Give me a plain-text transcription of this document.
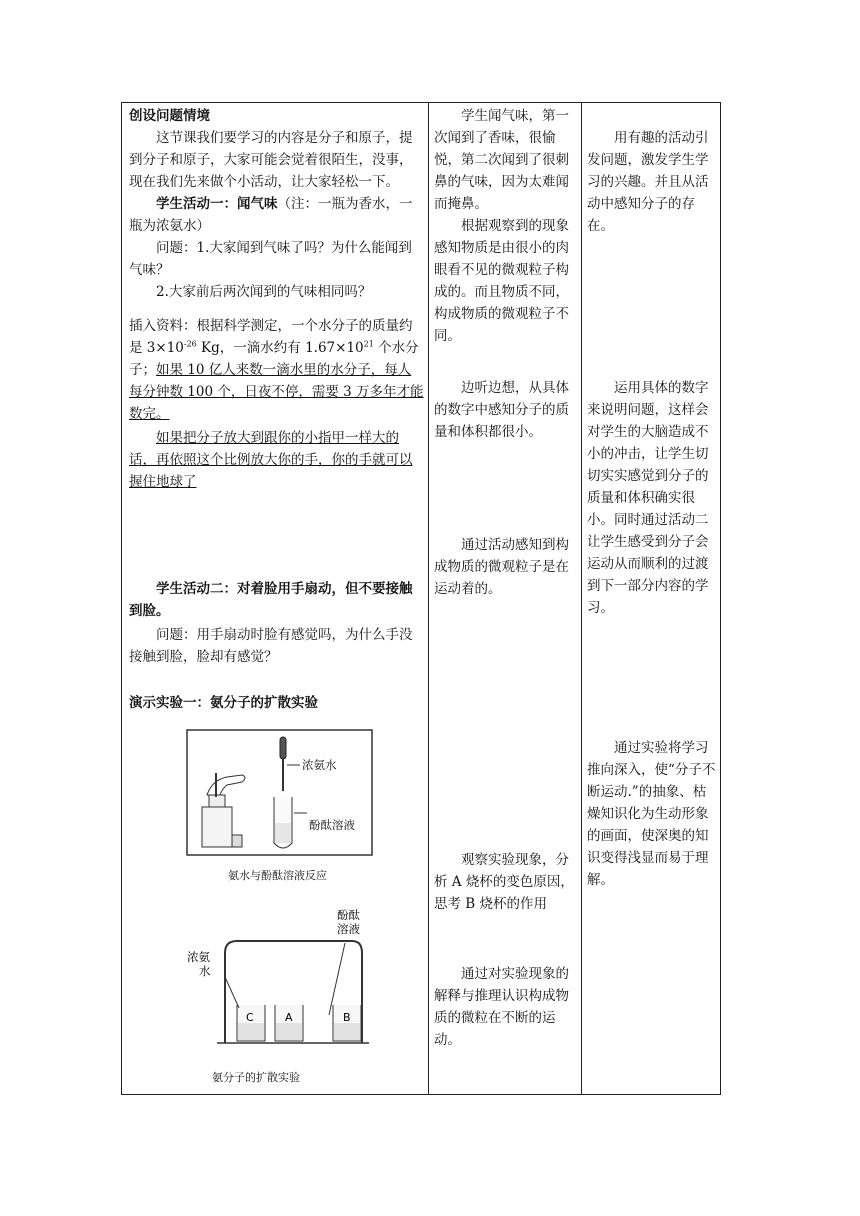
创设问题情境

这节课我们要学习的内容是分子和原子，提到分子和原子，大家可能会觉着很陌生，没事，现在我们先来做个小活动，让大家轻松一下。

学生活动一：闻气味（注：一瓶为香水，一瓶为浓氨水）

问题：1.大家闻到气味了吗？为什么能闻到气味？

2.大家前后两次闻到的气味相同吗？

插入资料：根据科学测定，一个水分子的质量约是 $3\times 10^{-26}$ Kg，一滴水约有 $1.67\times 10^{21}$ 个水分子；如果 10 亿人来数一滴水里的水分子，每人每分钟数 100 个，日夜不停，需要 3 万多年才能数完。

如果把分子放大到跟你的小指甲一样大的话，再依照这个比例放大你的手，你的手就可以握住地球了

学生活动二：对着脸用手扇动，但不要接触到脸。

问题：用手扇动时脸有感觉吗，为什么手没接触到脸，脸却有感觉？

演示实验一：氨分子的扩散实验

浓氨水
酚酞溶液

氨水与酚酞溶液反应

C	A	B
酚酞
溶液
浓氨
水

氨分子的扩散实验

学生闻气味，第一次闻到了香味，很愉悦，第二次闻到了很刺鼻的气味，因为太难闻而掩鼻。

根据观察到的现象感知物质是由很小的肉眼看不见的微观粒子构成的。而且物质不同，构成物质的微观粒子不同。

边听边想，从具体的数字中感知分子的质量和体积都很小。

通过活动感知到构成物质的微观粒子是在运动着的。

观察实验现象，分析 A 烧杯的变色原因，思考 B 烧杯的作用

通过对实验现象的解释与推理认识构成物质的微粒在不断的运动。

用有趣的活动引发问题，激发学生学习的兴趣。并且从活动中感知分子的存在。

运用具体的数字来说明问题，这样会对学生的大脑造成不小的冲击，让学生切切实实感觉到分子的质量和体积确实很小。同时通过活动二让学生感受到分子会运动从而顺利的过渡到下一部分内容的学习。

通过实验将学习推向深入，使“分子不断运动.”的抽象、枯燥知识化为生动形象的画面，使深奥的知识变得浅显而易于理解。
